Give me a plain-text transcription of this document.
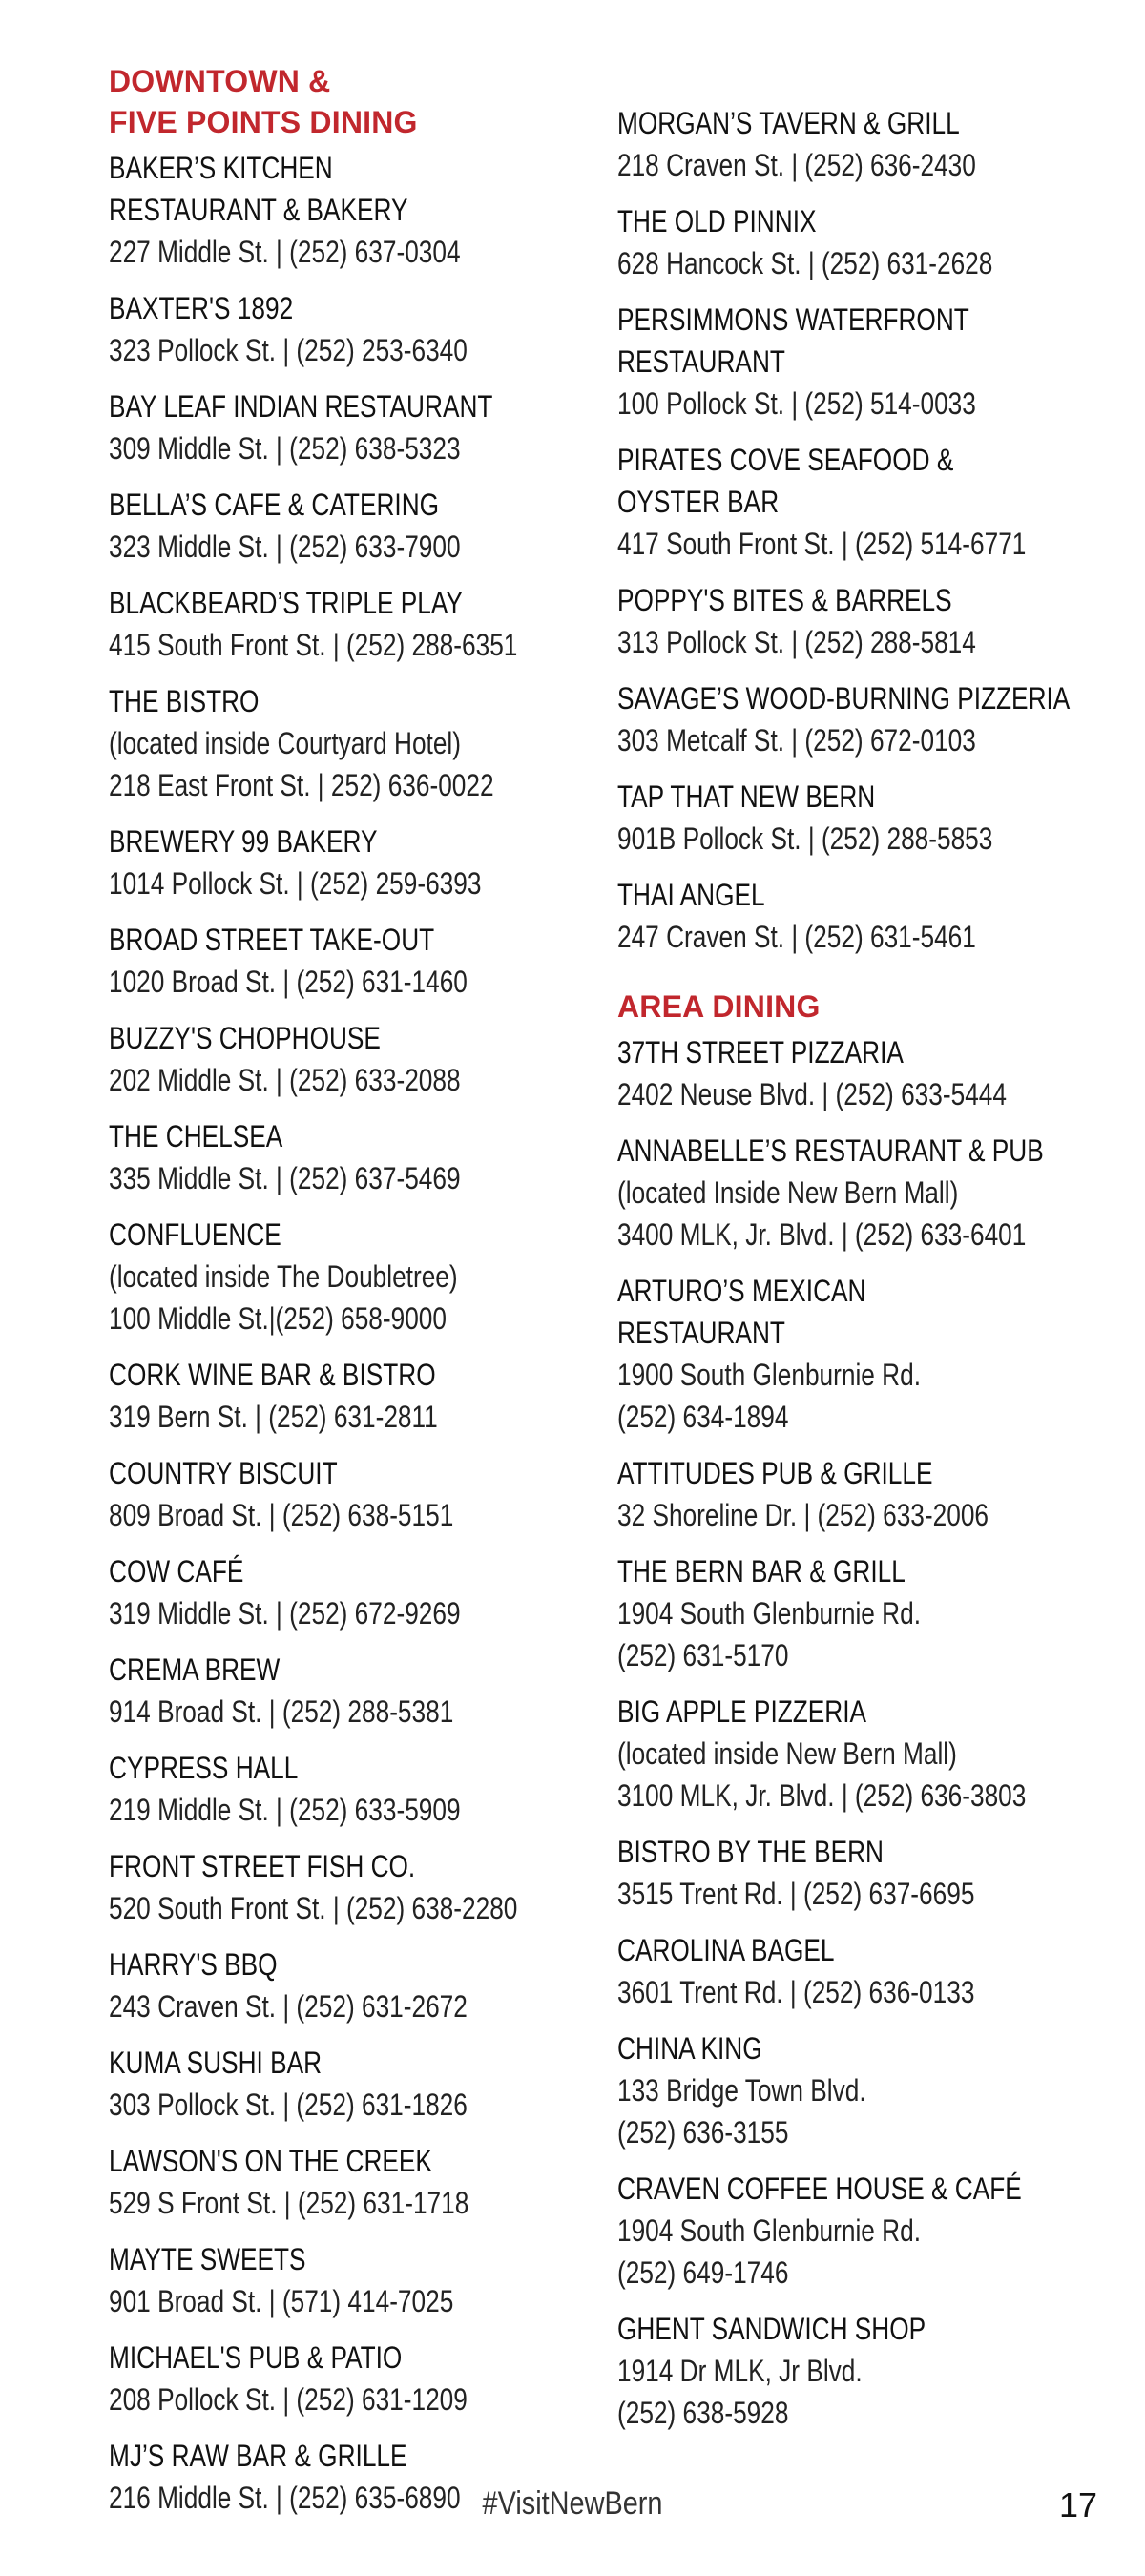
DOWNTOWN &
FIVE POINTS DINING
BAKER’S KITCHEN
RESTAURANT & BAKERY
227 Middle St. | (252) 637-0304
BAXTER'S 1892
323 Pollock St. | (252) 253-6340
BAY LEAF INDIAN RESTAURANT
309 Middle St. | (252) 638-5323
BELLA’S CAFE & CATERING
323 Middle St. | (252) 633-7900
BLACKBEARD’S TRIPLE PLAY
415 South Front St. | (252) 288-6351
THE BISTRO
(located inside Courtyard Hotel)
218 East Front St. | 252) 636-0022
BREWERY 99 BAKERY
1014 Pollock St. | (252) 259-6393
BROAD STREET TAKE-OUT
1020 Broad St. | (252) 631-1460
BUZZY'S CHOPHOUSE
202 Middle St. | (252) 633-2088
THE CHELSEA
335 Middle St. | (252) 637-5469
CONFLUENCE
(located inside The Doubletree)
100 Middle St.|(252) 658-9000
CORK WINE BAR & BISTRO
319 Bern St. | (252) 631-2811
COUNTRY BISCUIT
809 Broad St. | (252) 638-5151
COW CAFÉ
319 Middle St. | (252) 672-9269
CREMA BREW
914 Broad St. | (252) 288-5381
CYPRESS HALL
219 Middle St. | (252) 633-5909
FRONT STREET FISH CO.
520 South Front St. | (252) 638-2280
HARRY'S BBQ
243 Craven St. | (252) 631-2672
KUMA SUSHI BAR
303 Pollock St. | (252) 631-1826
LAWSON'S ON THE CREEK
529 S Front St. | (252) 631-1718
MAYTE SWEETS
901 Broad St. | (571) 414-7025
MICHAEL'S PUB & PATIO
208 Pollock St. | (252) 631-1209
MJ’S RAW BAR & GRILLE
216 Middle St. | (252) 635-6890
MORGAN’S TAVERN & GRILL
218 Craven St. | (252) 636-2430
THE OLD PINNIX
628 Hancock St. | (252) 631-2628
PERSIMMONS WATERFRONT
RESTAURANT
100 Pollock St. | (252) 514-0033
PIRATES COVE SEAFOOD &
OYSTER BAR
417 South Front St. | (252) 514-6771
POPPY'S BITES & BARRELS
313 Pollock St. | (252) 288-5814
SAVAGE’S WOOD-BURNING PIZZERIA
303 Metcalf St. | (252) 672-0103
TAP THAT NEW BERN
901B Pollock St. | (252) 288-5853
THAI ANGEL
247 Craven St. | (252) 631-5461
AREA DINING
37TH STREET PIZZARIA
2402 Neuse Blvd. | (252) 633-5444
ANNABELLE’S RESTAURANT & PUB
(located Inside New Bern Mall)
3400 MLK, Jr. Blvd. | (252) 633-6401
ARTURO’S MEXICAN
RESTAURANT
1900 South Glenburnie Rd.
(252) 634-1894
ATTITUDES PUB & GRILLE
32 Shoreline Dr. | (252) 633-2006
THE BERN BAR & GRILL
1904 South Glenburnie Rd.
(252) 631-5170
BIG APPLE PIZZERIA
(located inside New Bern Mall)
3100 MLK, Jr. Blvd. | (252) 636-3803
BISTRO BY THE BERN
3515 Trent Rd. | (252) 637-6695
CAROLINA BAGEL
3601 Trent Rd. | (252) 636-0133
CHINA KING
133 Bridge Town Blvd.
(252) 636-3155
CRAVEN COFFEE HOUSE & CAFÉ
1904 South Glenburnie Rd.
(252) 649-1746
GHENT SANDWICH SHOP
1914 Dr MLK, Jr Blvd.
(252) 638-5928
#VisitNewBern	17
